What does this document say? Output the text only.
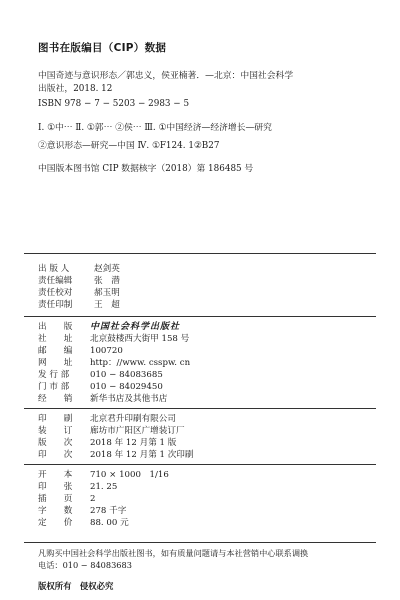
图书在版编目（CIP）数据
中国奇迹与意识形态／郭忠义，侯亚楠著．—北京：中国社会科学
出版社，2018. 12
ISBN 978 − 7 − 5203 − 2983 − 5
Ⅰ. ①中⋯ Ⅱ. ①郭⋯ ②侯⋯ Ⅲ. ①中国经济—经济增长—研究
②意识形态—研究—中国 Ⅳ. ①F124. 1②B27
中国版本图书馆 CIP 数据核字（2018）第 186485 号
出 版 人	赵剑英
责任编辑	张　潜
责任校对	郝玉明
责任印制	王　超
出　　版 中国社会科学出版社
社　　址 北京鼓楼西大街甲 158 号
邮　　编 100720
网　　址 http：//www. csspw. cn
发 行 部 010 − 84083685
门 市 部 010 − 84029450
经　　销 新华书店及其他书店
印　　刷 北京君升印刷有限公司
装　　订 廊坊市广阳区广增装订厂
版　　次 2018 年 12 月第 1 版
印　　次 2018 年 12 月第 1 次印刷
开　　本 710 × 1000　1/16
印　　张 21. 25
插　　页 2
字　　数 278 千字
定　　价 88. 00 元
凡购买中国社会科学出版社图书，如有质量问题请与本社营销中心联系调换
电话：010 − 84083683
版权所有　侵权必究
